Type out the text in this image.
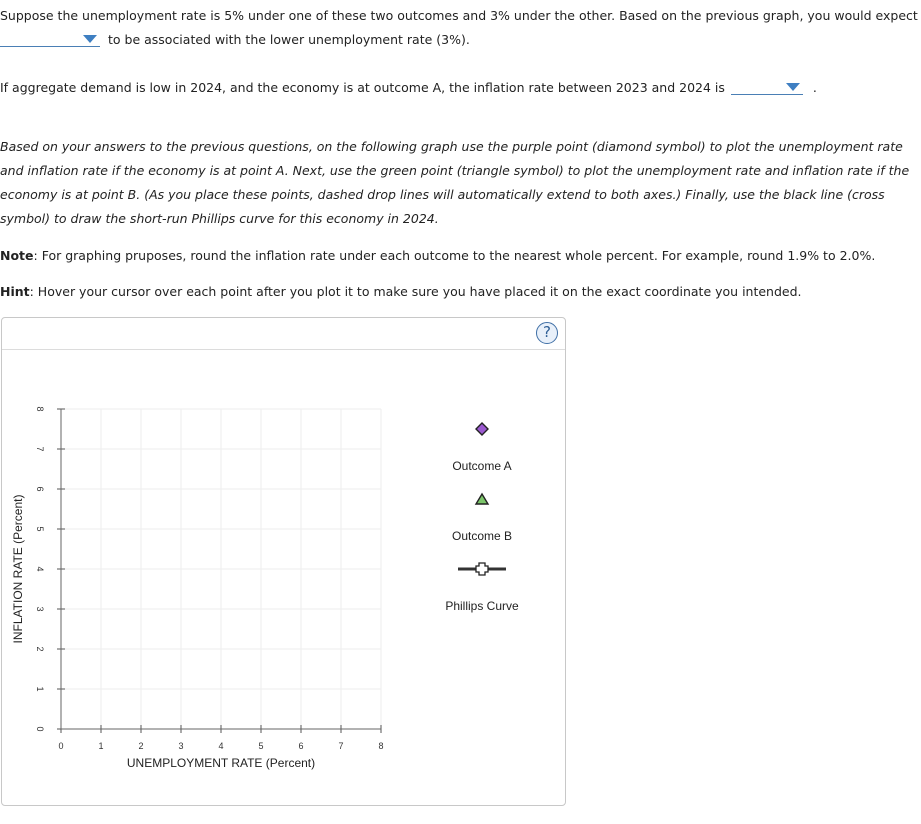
Suppose the unemployment rate is 5% under one of these two outcomes and 3% under the other. Based on the previous graph, you would expect

to be associated with the lower unemployment rate (3%).

If aggregate demand is low in 2024, and the economy is at outcome A, the inflation rate between 2023 and 2024 is	.

Based on your answers to the previous questions, on the following graph use the purple point (diamond symbol) to plot the unemployment rate and inflation rate if the economy is at point A. Next, use the green point (triangle symbol) to plot the unemployment rate and inflation rate if the economy is at point B. (As you place these points, dashed drop lines will automatically extend to both axes.) Finally, use the black line (cross symbol) to draw the short-run Phillips curve for this economy in 2024.

Note: For graphing pruposes, round the inflation rate under each outcome to the nearest whole percent. For example, round 1.9% to 2.0%.

Hint: Hover your cursor over each point after you plot it to make sure you have placed it on the exact coordinate you intended.

?
0	1	2	3	4	5	6	7	8
0
1
2
3
4
5
6
7
8
INFLATION RATE (Percent)
UNEMPLOYMENT RATE (Percent)
Outcome A
Outcome B
Phillips Curve
